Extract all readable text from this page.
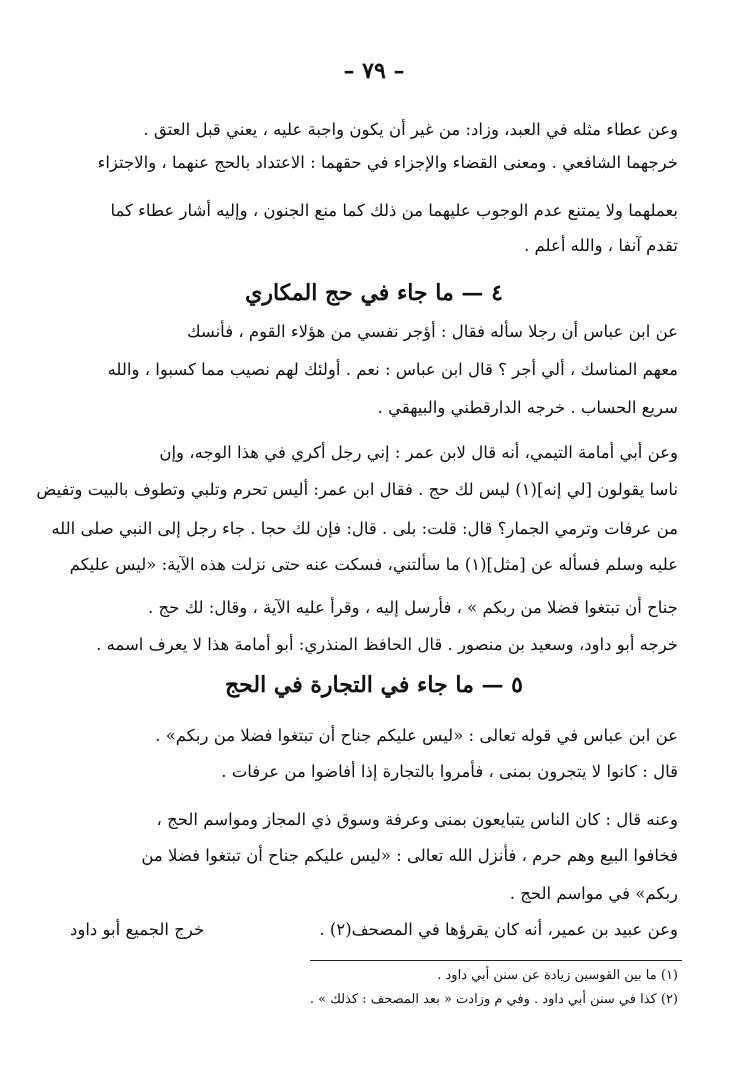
– ٧٩ –
وعن عطاء مثله في العبد، وزاد: من غير أن يكون واجبة عليه ، يعني قبل العتق .
خرجهما الشافعي . ومعنى القضاء والإجزاء في حقهما : الاعتداد بالحج عنهما ، والاجتزاء
بعملهما ولا يمتنع عدم الوجوب عليهما من ذلك كما منع الجنون ، وإليه أشار عطاء كما
تقدم آنفا ، والله أعلم .
٤ — ما جاء في حج المكاري
عن ابن عباس أن رجلا سأله فقال : أؤجر نفسي من هؤلاء القوم ، فأنسك
معهم المناسك ، ألي أجر ؟ قال ابن عباس : نعم . أولئك لهم نصيب مما كسبوا ، والله
سريع الحساب . خرجه الدارقطني والبيهقي .
وعن أبي أمامة التيمي، أنه قال لابن عمر : إني رجل أكري في هذا الوجه، وإن
ناسا يقولون [لي إنه](١) ليس لك حج . فقال ابن عمر: أليس تحرم وتلبي وتطوف بالبيت وتفيض
من عرفات وترمي الجمار؟ قال: قلت: بلى . قال: فإن لك حجا . جاء رجل إلى النبي صلى الله
عليه وسلم فسأله عن [مثل](١) ما سألتني، فسكت عنه حتى نزلت هذه الآية: «ليس عليكم
جناح أن تبتغوا فضلا من ربكم » ، فأرسل إليه ، وقرأ عليه الآية ، وقال: لك حج .
خرجه أبو داود، وسعيد بن منصور . قال الحافظ المنذري: أبو أمامة هذا لا يعرف اسمه .
٥ — ما جاء في التجارة في الحج
عن ابن عباس في قوله تعالى : «ليس عليكم جناح أن تبتغوا فضلا من ربكم» .
قال : كانوا لا يتجرون بمنى ، فأمروا بالتجارة إذا أفاضوا من عرفات .
وعنه قال : كان الناس يتبايعون بمنى وعرفة وسوق ذي المجاز ومواسم الحج ،
فخافوا البيع وهم حرم ، فأنزل الله تعالى : «ليس عليكم جناح أن تبتغوا فضلا من
ربكم» في مواسم الحج .
وعن عبيد بن عمير، أنه كان يقرؤها في المصحف(٢) .
خرج الجميع أبو داود
(١) ما بين القوسين زيادة عن سنن أبي داود .
(٢) كذا في سنن أبي داود . وفي م وزادت « بعد المصحف : كذلك » .
